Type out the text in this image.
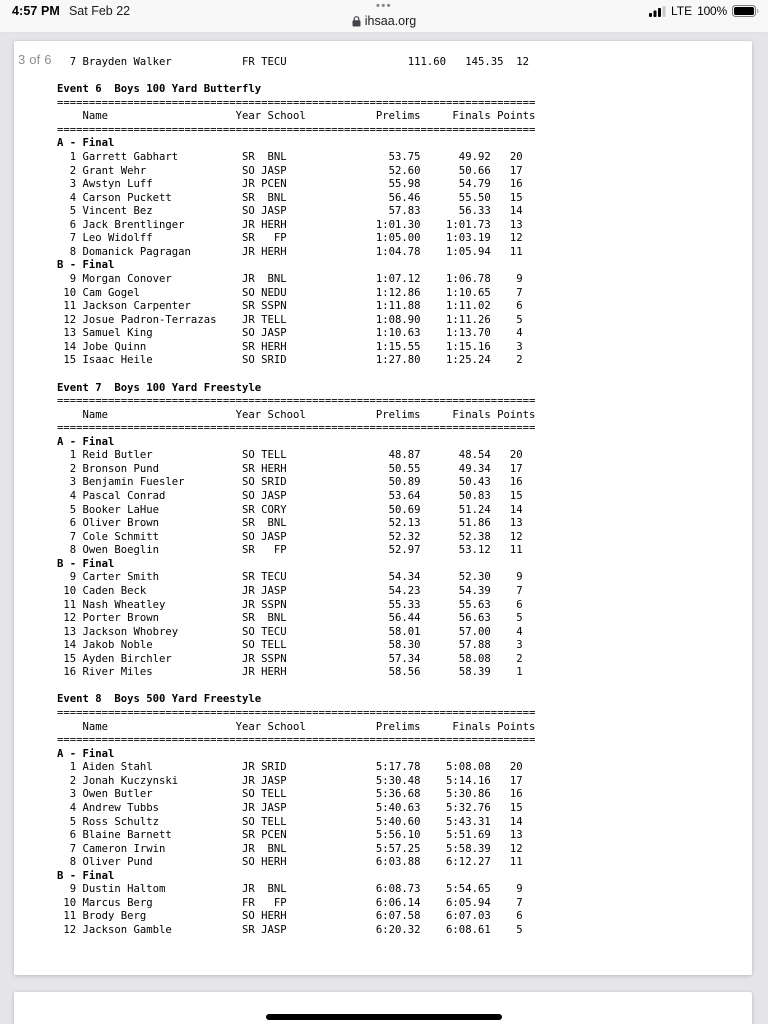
4:57 PM Sat Feb 22	•••
ihsaa.org
LTE 100%
7 Brayden Walker           FR TECU                   111.60   145.35  12

Event 6  Boys 100 Yard Butterfly
===========================================================================
Name                    Year School           Prelims     Finals Points
===========================================================================
A - Final
1 Garrett Gabhart          SR  BNL                53.75      49.92   20
2 Grant Wehr               SO JASP                52.60      50.66   17
3 Awstyn Luff              JR PCEN                55.98      54.79   16
4 Carson Puckett           SR  BNL                56.46      55.50   15
5 Vincent Bez              SO JASP                57.83      56.33   14
6 Jack Brentlinger         JR HERH              1:01.30    1:01.73   13
7 Leo Widolff              SR   FP              1:05.00    1:03.19   12
8 Domanick Pagragan        JR HERH              1:04.78    1:05.94   11
B - Final
9 Morgan Conover           JR  BNL              1:07.12    1:06.78    9
10 Cam Gogel                SO NEDU              1:12.86    1:10.65    7
11 Jackson Carpenter        SR SSPN              1:11.88    1:11.02    6
12 Josue Padron-Terrazas    JR TELL              1:08.90    1:11.26    5
13 Samuel King              SO JASP              1:10.63    1:13.70    4
14 Jobe Quinn               SR HERH              1:15.55    1:15.16    3
15 Isaac Heile              SO SRID              1:27.80    1:25.24    2

Event 7  Boys 100 Yard Freestyle
===========================================================================
Name                    Year School           Prelims     Finals Points
===========================================================================
A - Final
1 Reid Butler              SO TELL                48.87      48.54   20
2 Bronson Pund             SR HERH                50.55      49.34   17
3 Benjamin Fuesler         SO SRID                50.89      50.43   16
4 Pascal Conrad            SO JASP                53.64      50.83   15
5 Booker LaHue             SR CORY                50.69      51.24   14
6 Oliver Brown             SR  BNL                52.13      51.86   13
7 Cole Schmitt             SO JASP                52.32      52.38   12
8 Owen Boeglin             SR   FP                52.97      53.12   11
B - Final
9 Carter Smith             SR TECU                54.34      52.30    9
10 Caden Beck               JR JASP                54.23      54.39    7
11 Nash Wheatley            JR SSPN                55.33      55.63    6
12 Porter Brown             SR  BNL                56.44      56.63    5
13 Jackson Whobrey          SO TECU                58.01      57.00    4
14 Jakob Noble              SO TELL                58.30      57.88    3
15 Ayden Birchler           JR SSPN                57.34      58.08    2
16 River Miles              JR HERH                58.56      58.39    1

Event 8  Boys 500 Yard Freestyle
===========================================================================
Name                    Year School           Prelims     Finals Points
===========================================================================
A - Final
1 Aiden Stahl              JR SRID              5:17.78    5:08.08   20
2 Jonah Kuczynski          JR JASP              5:30.48    5:14.16   17
3 Owen Butler              SO TELL              5:36.68    5:30.86   16
4 Andrew Tubbs             JR JASP              5:40.63    5:32.76   15
5 Ross Schultz             SO TELL              5:40.60    5:43.31   14
6 Blaine Barnett           SR PCEN              5:56.10    5:51.69   13
7 Cameron Irwin            JR  BNL              5:57.25    5:58.39   12
8 Oliver Pund              SO HERH              6:03.88    6:12.27   11
B - Final
9 Dustin Haltom            JR  BNL              6:08.73    5:54.65    9
10 Marcus Berg              FR   FP              6:06.14    6:05.94    7
11 Brody Berg               SO HERH              6:07.58    6:07.03    6
12 Jackson Gamble           SR JASP              6:20.32    6:08.61    5
3 of 6
